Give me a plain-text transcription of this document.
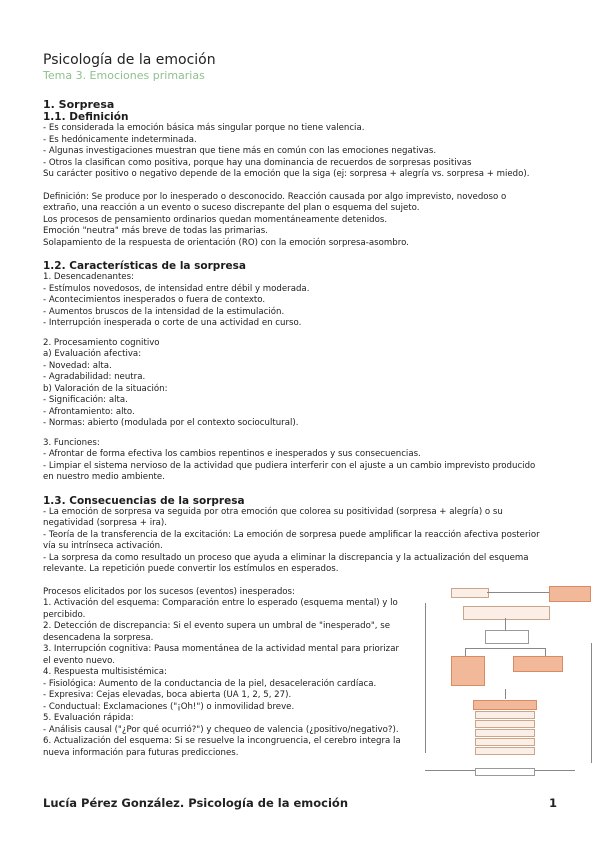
Psicología de la emoción
Tema 3. Emociones primarias
1. Sorpresa
1.1. Definición
- Es considerada la emoción básica más singular porque no tiene valencia.
- Es hedónicamente indeterminada.
- Algunas investigaciones muestran que tiene más en común con las emociones negativas.
- Otros la clasifican como positiva, porque hay una dominancia de recuerdos de sorpresas positivas
Su carácter positivo o negativo depende de la emoción que la siga (ej: sorpresa + alegría vs. sorpresa + miedo).
Definición: Se produce por lo inesperado o desconocido. Reacción causada por algo imprevisto, novedoso o
extraño, una reacción a un evento o suceso discrepante del plan o esquema del sujeto.
Los procesos de pensamiento ordinarios quedan momentáneamente detenidos.
Emoción "neutra" más breve de todas las primarias.
Solapamiento de la respuesta de orientación (RO) con la emoción sorpresa-asombro.
1.2. Características de la sorpresa
1. Desencadenantes:
- Estímulos novedosos, de intensidad entre débil y moderada.
- Acontecimientos inesperados o fuera de contexto.
- Aumentos bruscos de la intensidad de la estimulación.
- Interrupción inesperada o corte de una actividad en curso.
2. Procesamiento cognitivo
a) Evaluación afectiva:
- Novedad: alta.
- Agradabilidad: neutra.
b) Valoración de la situación:
- Significación: alta.
- Afrontamiento: alto.
- Normas: abierto (modulada por el contexto sociocultural).
3. Funciones:
- Afrontar de forma efectiva los cambios repentinos e inesperados y sus consecuencias.
- Limpiar el sistema nervioso de la actividad que pudiera interferir con el ajuste a un cambio imprevisto producido
en nuestro medio ambiente.
1.3. Consecuencias de la sorpresa
- La emoción de sorpresa va seguida por otra emoción que colorea su positividad (sorpresa + alegría) o su
negatividad (sorpresa + ira).
- Teoría de la transferencia de la excitación: La emoción de sorpresa puede amplificar la reacción afectiva posterior
vía su intrínseca activación.
- La sorpresa da como resultado un proceso que ayuda a eliminar la discrepancia y la actualización del esquema
relevante. La repetición puede convertir los estímulos en esperados.
Procesos elicitados por los sucesos (eventos) inesperados:
1. Activación del esquema: Comparación entre lo esperado (esquema mental) y lo
percibido.
2. Detección de discrepancia: Si el evento supera un umbral de "inesperado", se
desencadena la sorpresa.
3. Interrupción cognitiva: Pausa momentánea de la actividad mental para priorizar
el evento nuevo.
4. Respuesta multisistémica:
- Fisiológica: Aumento de la conductancia de la piel, desaceleración cardíaca.
- Expresiva: Cejas elevadas, boca abierta (UA 1, 2, 5, 27).
- Conductual: Exclamaciones ("¡Oh!") o inmovilidad breve.
5. Evaluación rápida:
- Análisis causal ("¿Por qué ocurrió?") y chequeo de valencia (¿positivo/negativo?).
6. Actualización del esquema: Si se resuelve la incongruencia, el cerebro integra la
nueva información para futuras predicciones.
Lucía Pérez González. Psicología de la emoción	1
